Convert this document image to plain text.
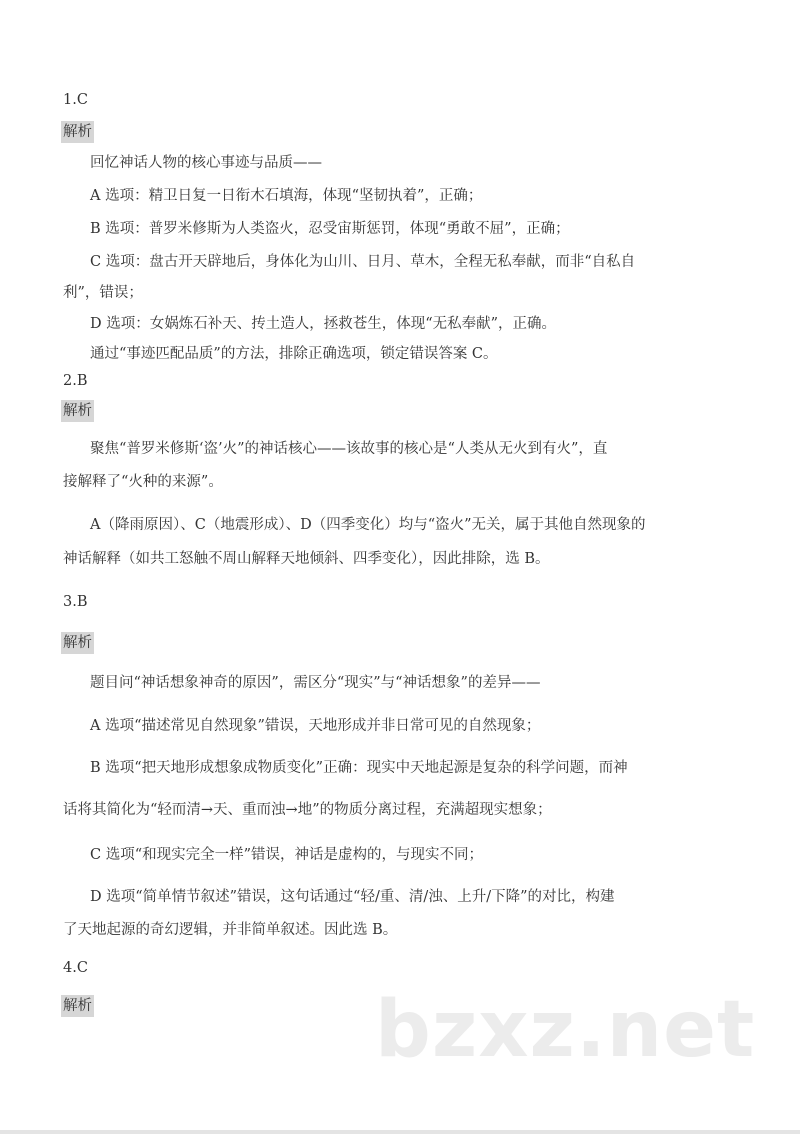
1.C
解析
回忆神话人物的核心事迹与品质——
A 选项：精卫日复一日衔木石填海，体现“坚韧执着”，正确；
B 选项：普罗米修斯为人类盗火，忍受宙斯惩罚，体现“勇敢不屈”，正确；
C 选项：盘古开天辟地后，身体化为山川、日月、草木，全程无私奉献，而非“自私自
利”，错误；
D 选项：女娲炼石补天、抟土造人，拯救苍生，体现“无私奉献”，正确。
通过“事迹匹配品质”的方法，排除正确选项，锁定错误答案 C。
2.B
解析
聚焦“普罗米修斯‘盗’火”的神话核心——该故事的核心是“人类从无火到有火”，直
接解释了“火种的来源”。
A（降雨原因）、C（地震形成）、D（四季变化）均与“盗火”无关，属于其他自然现象的
神话解释（如共工怒触不周山解释天地倾斜、四季变化），因此排除，选 B。
3.B
解析
题目问“神话想象神奇的原因”，需区分“现实”与“神话想象”的差异——
A 选项“描述常见自然现象”错误，天地形成并非日常可见的自然现象；
B 选项“把天地形成想象成物质变化”正确：现实中天地起源是复杂的科学问题，而神
话将其简化为“轻而清→天、重而浊→地”的物质分离过程，充满超现实想象；
C 选项“和现实完全一样”错误，神话是虚构的，与现实不同；
D 选项“简单情节叙述”错误，这句话通过“轻/重、清/浊、上升/下降”的对比，构建
了天地起源的奇幻逻辑，并非简单叙述。因此选 B。
4.C
解析	bzxz.net
